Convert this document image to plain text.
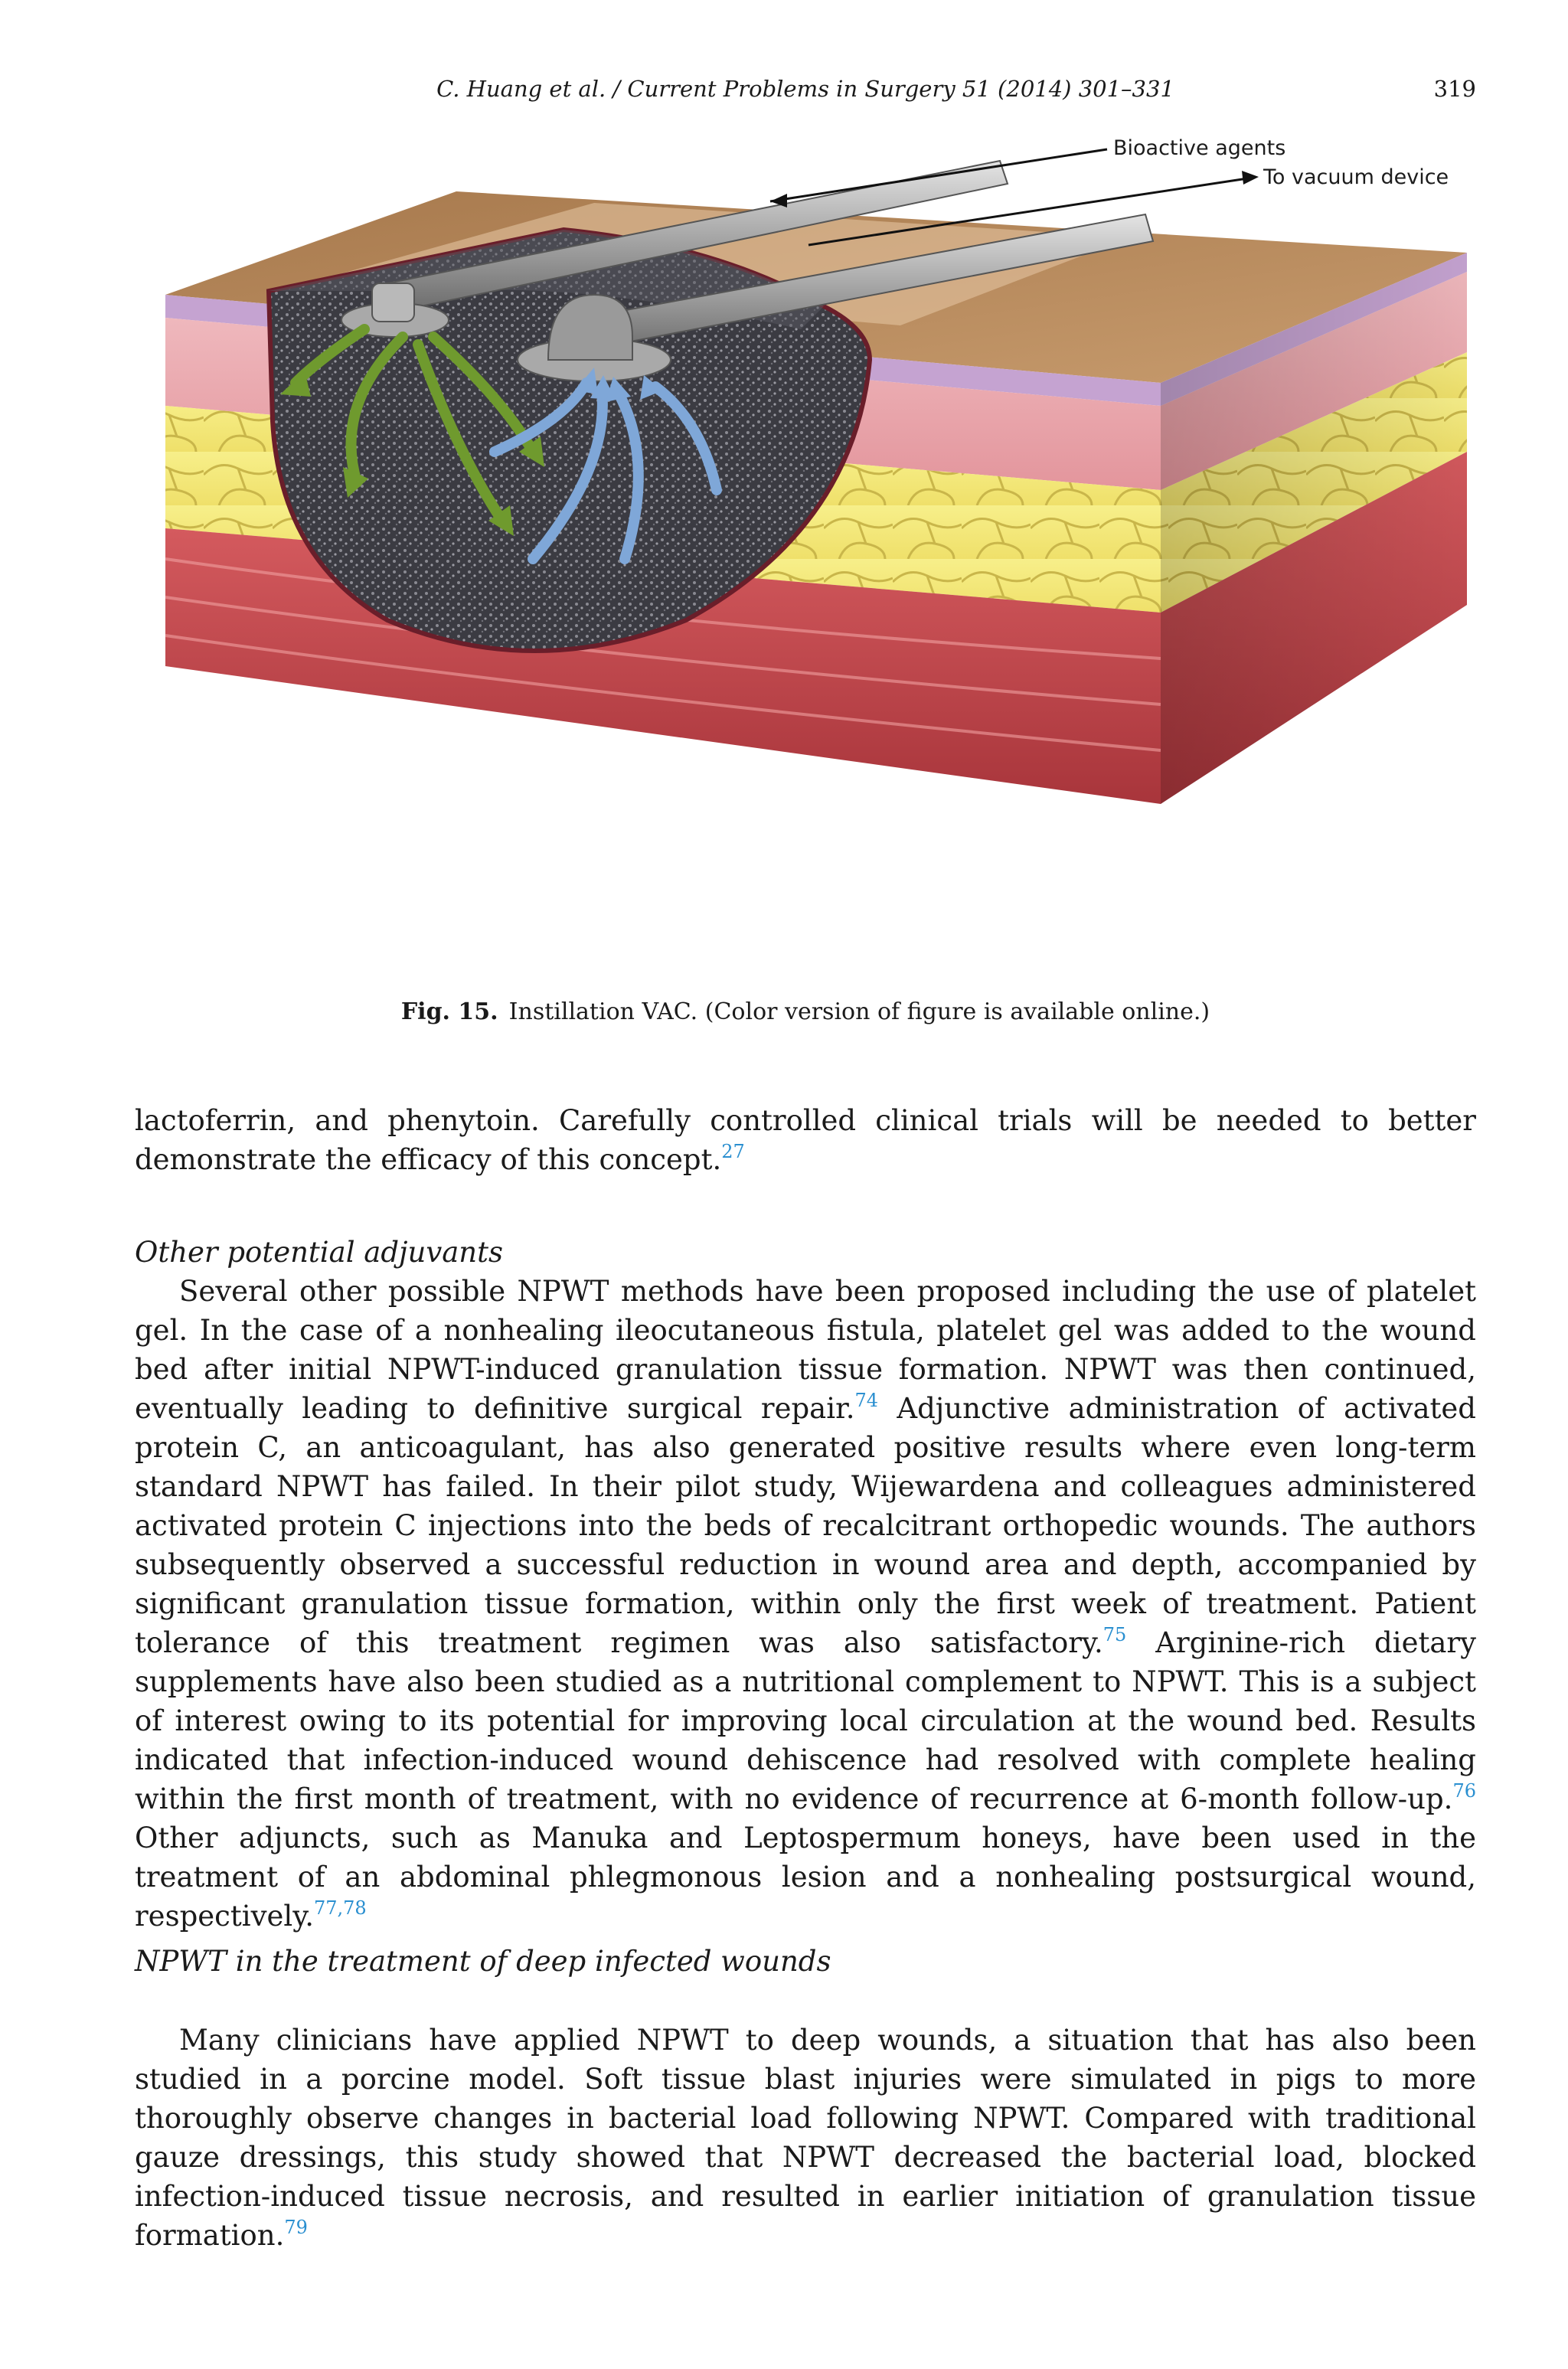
C. Huang et al. / Current Problems in Surgery 51 (2014) 301–331	319
Bioactive agents
To vacuum device
Fig. 15. Instillation VAC. (Color version of figure is available online.)

lactoferrin, and phenytoin. Carefully controlled clinical trials will be needed to better demonstrate the efficacy of this concept.$^{27}$

Other potential adjuvants

Several other possible NPWT methods have been proposed including the use of platelet gel. In the case of a nonhealing ileocutaneous fistula, platelet gel was added to the wound bed after initial NPWT-induced granulation tissue formation. NPWT was then continued, eventually leading to definitive surgical repair.$^{74}$ Adjunctive administration of activated protein C, an anticoagulant, has also generated positive results where even long-term standard NPWT has failed. In their pilot study, Wijewardena and colleagues administered activated protein C injections into the beds of recalcitrant orthopedic wounds. The authors subsequently observed a successful reduction in wound area and depth, accompanied by significant granulation tissue formation, within only the first week of treatment. Patient tolerance of this treatment regimen was also satisfactory.$^{75}$ Arginine-rich dietary supplements have also been studied as a nutritional complement to NPWT. This is a subject of interest owing to its potential for improving local circulation at the wound bed. Results indicated that infection-induced wound dehiscence had resolved with complete healing within the first month of treatment, with no evidence of recurrence at 6-month follow-up.$^{76}$ Other adjuncts, such as Manuka and Leptospermum honeys, have been used in the treatment of an abdominal phlegmonous lesion and a nonhealing postsurgical wound, respectively.$^{77,78}$

NPWT in the treatment of deep infected wounds

Many clinicians have applied NPWT to deep wounds, a situation that has also been studied in a porcine model. Soft tissue blast injuries were simulated in pigs to more thoroughly observe changes in bacterial load following NPWT. Compared with traditional gauze dressings, this study showed that NPWT decreased the bacterial load, blocked infection-induced tissue necrosis, and resulted in earlier initiation of granulation tissue formation.$^{79}$
